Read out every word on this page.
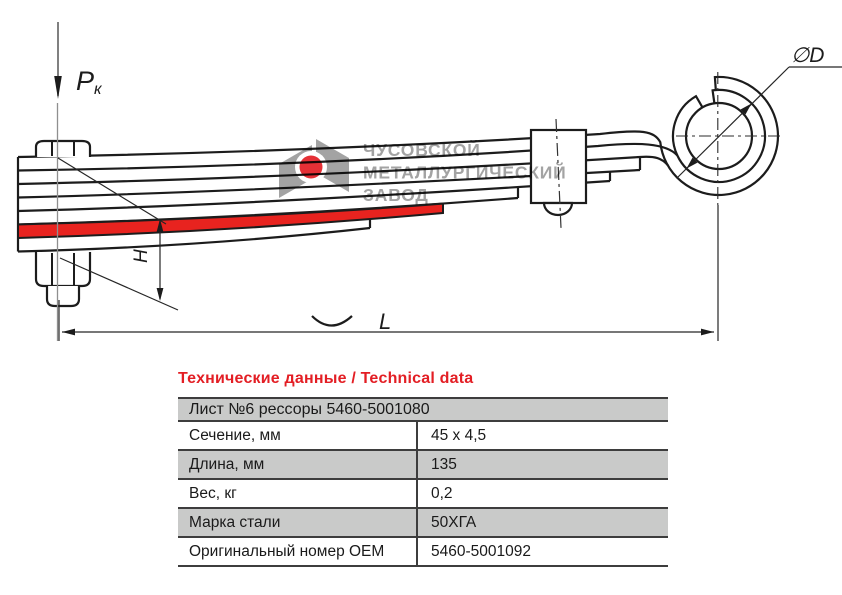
Pк
H
L
∅D
ЧУСОВСКОЙ
МЕТАЛЛУРГИЧЕСКИЙ
ЗАВОД
Технические данные / Technical data
Лист №6 рессоры 5460-5001080
Сечение, мм	45 x 4,5
Длина, мм	135
Вес, кг	0,2
Марка стали	50ХГА
Оригинальный номер OEM	5460-5001092
